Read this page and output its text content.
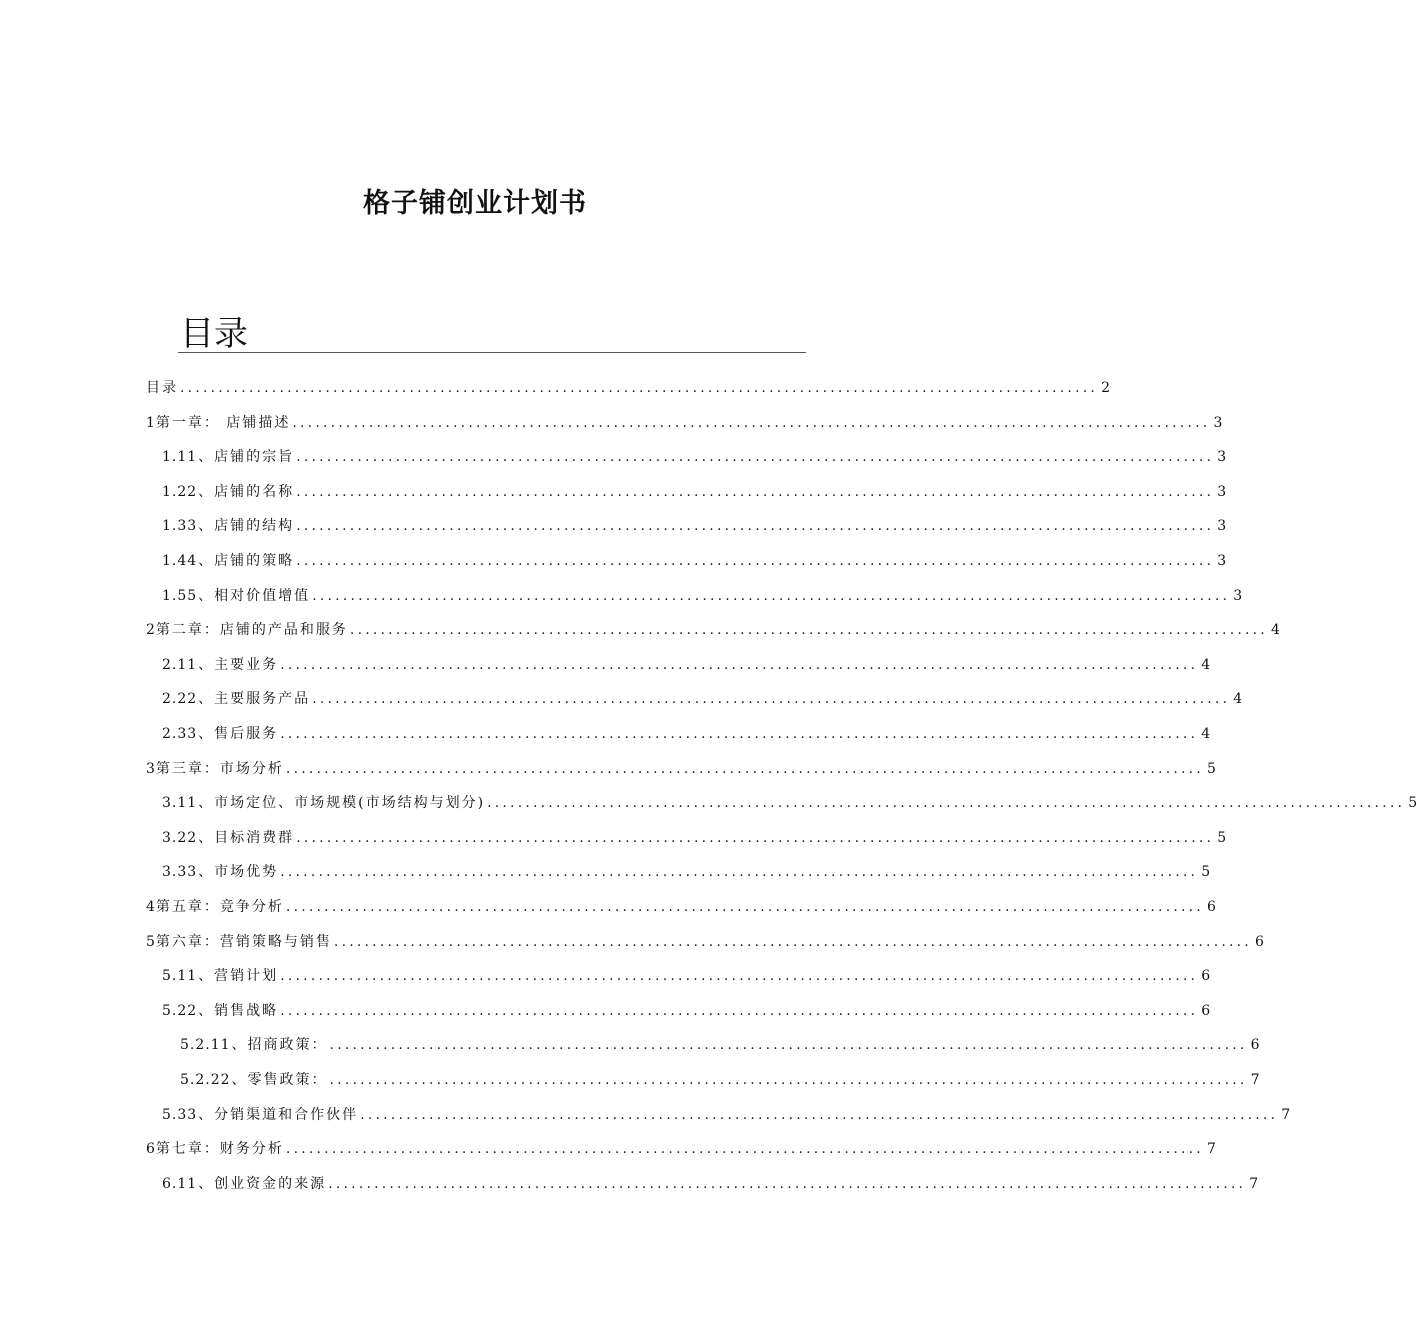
格子铺创业计划书
目录
目录 ........................................................................................................................ 2
1 第一章： 店铺描述 ........................................................................................................................ 3
1.1 1、店铺的宗旨 ........................................................................................................................ 3
1.2 2、店铺的名称 ........................................................................................................................ 3
1.3 3、店铺的结构 ........................................................................................................................ 3
1.4 4、店铺的策略 ........................................................................................................................ 3
1.5 5、相对价值增值 ........................................................................................................................ 3
2 第二章：店铺的产品和服务 ........................................................................................................................ 4
2.1 1、主要业务 ........................................................................................................................ 4
2.2 2、主要服务产品 ........................................................................................................................ 4
2.3 3、售后服务 ........................................................................................................................ 4
3 第三章：市场分析 ........................................................................................................................ 5
3.1 1、市场定位、市场规模(市场结构与划分) ........................................................................................................................ 5
3.2 2、目标消费群 ........................................................................................................................ 5
3.3 3、市场优势 ........................................................................................................................ 5
4 第五章：竞争分析 ........................................................................................................................ 6
5 第六章：营销策略与销售 ........................................................................................................................ 6
5.1 1、营销计划 ........................................................................................................................ 6
5.2 2、销售战略 ........................................................................................................................ 6
5.2.1 1、招商政策： ........................................................................................................................ 6
5.2.2 2、零售政策： ........................................................................................................................ 7
5.3 3、分销渠道和合作伙伴 ........................................................................................................................ 7
6 第七章：财务分析 ........................................................................................................................ 7
6.1 1、创业资金的来源 ........................................................................................................................ 7
